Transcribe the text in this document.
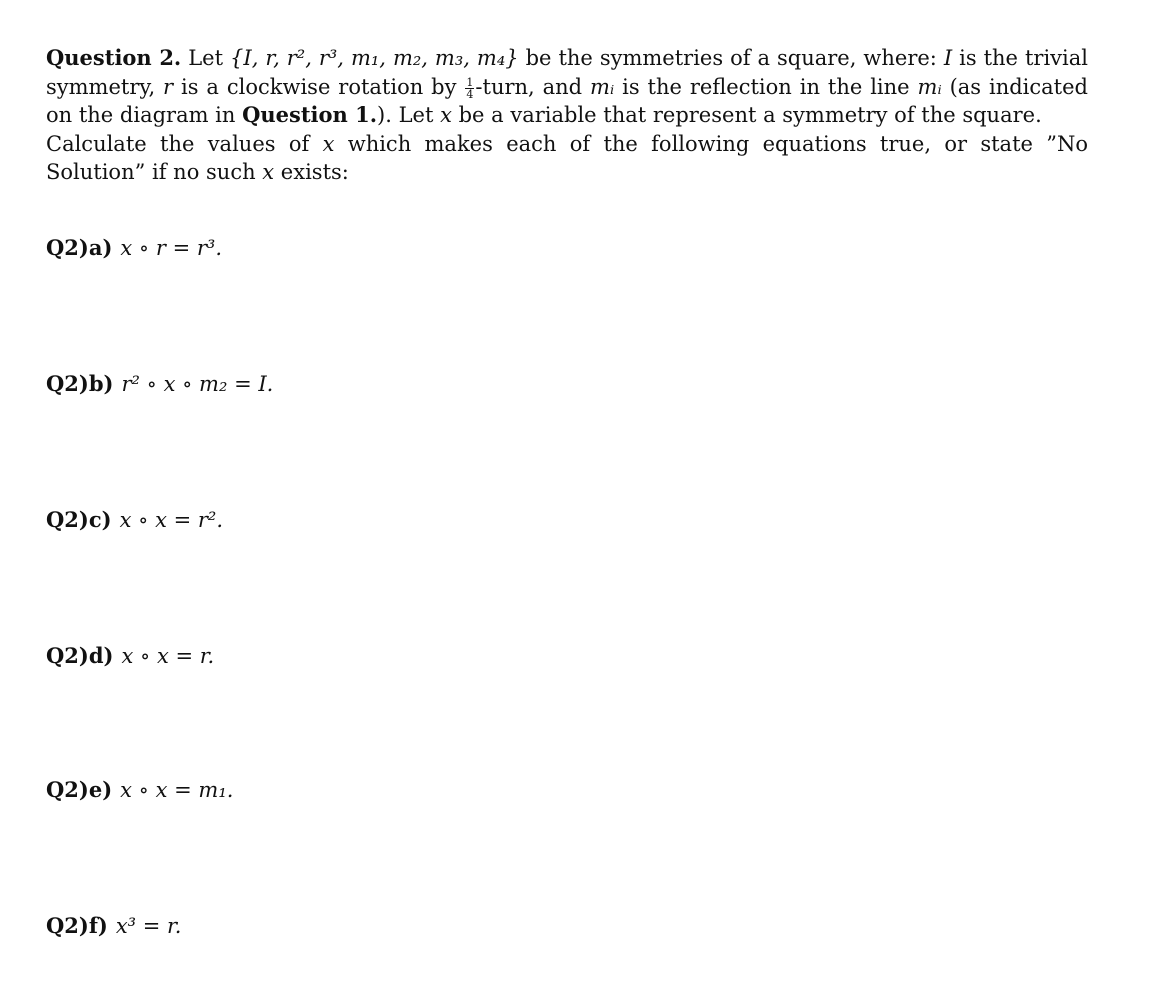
Question 2. Let {I, r, r², r³, m₁, m₂, m₃, m₄} be the symmetries of a square, where: I is the trivial symmetry, r is a clockwise rotation by $\frac{1}{4}$ -turn, and mᵢ is the reflection in the line mᵢ (as indicated on the diagram in Question 1.). Let x be a variable that represent a symmetry of the square.

Calculate the values of x which makes each of the following equations true, or state ”No Solution” if no such x exists:

Q2)a) x ∘ r = r³.
Q2)b) r² ∘ x ∘ m₂ = I.
Q2)c) x ∘ x = r².
Q2)d) x ∘ x = r.
Q2)e) x ∘ x = m₁.
Q2)f) x³ = r.
